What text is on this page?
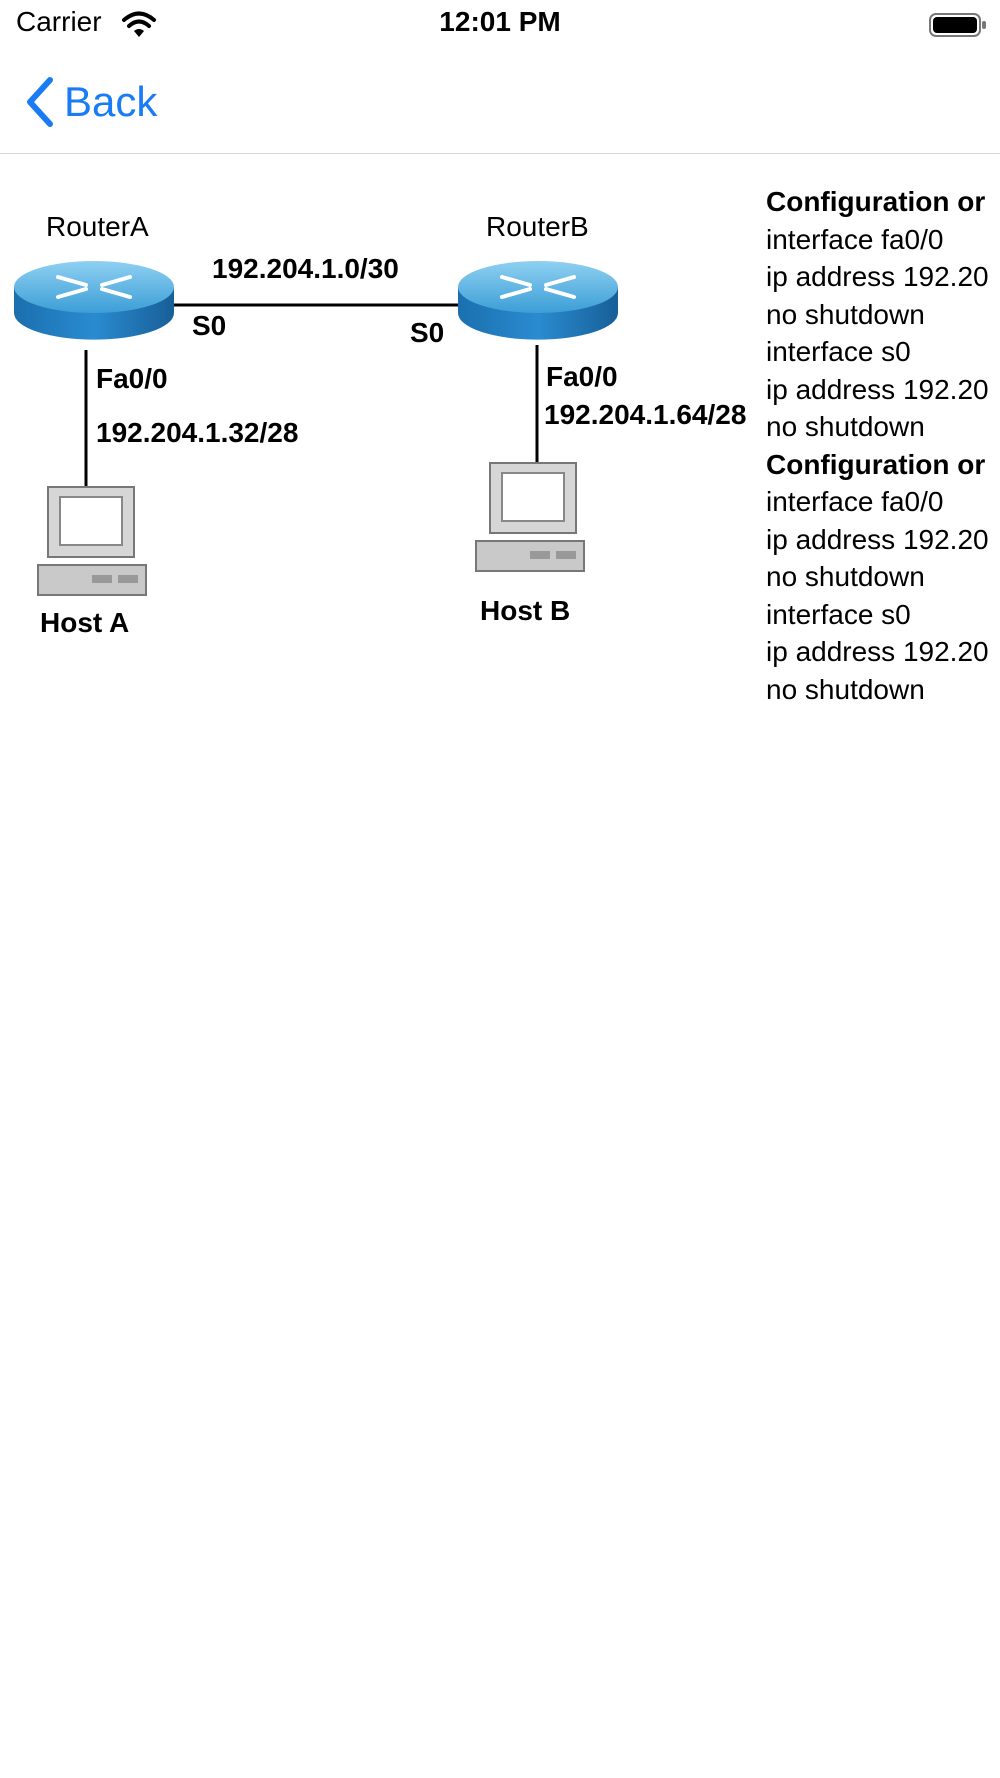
Carrier	12:01 PM
Back
RouterA	RouterB
192.204.1.0/30
S0	S0
Fa0/0
192.204.1.32/28
Fa0/0
192.204.1.64/28
Host A	Host B
Configuration or
interface fa0/0
ip address 192.20
no shutdown
interface s0
ip address 192.20
no shutdown
Configuration or
interface fa0/0
ip address 192.20
no shutdown
interface s0
ip address 192.20
no shutdown
